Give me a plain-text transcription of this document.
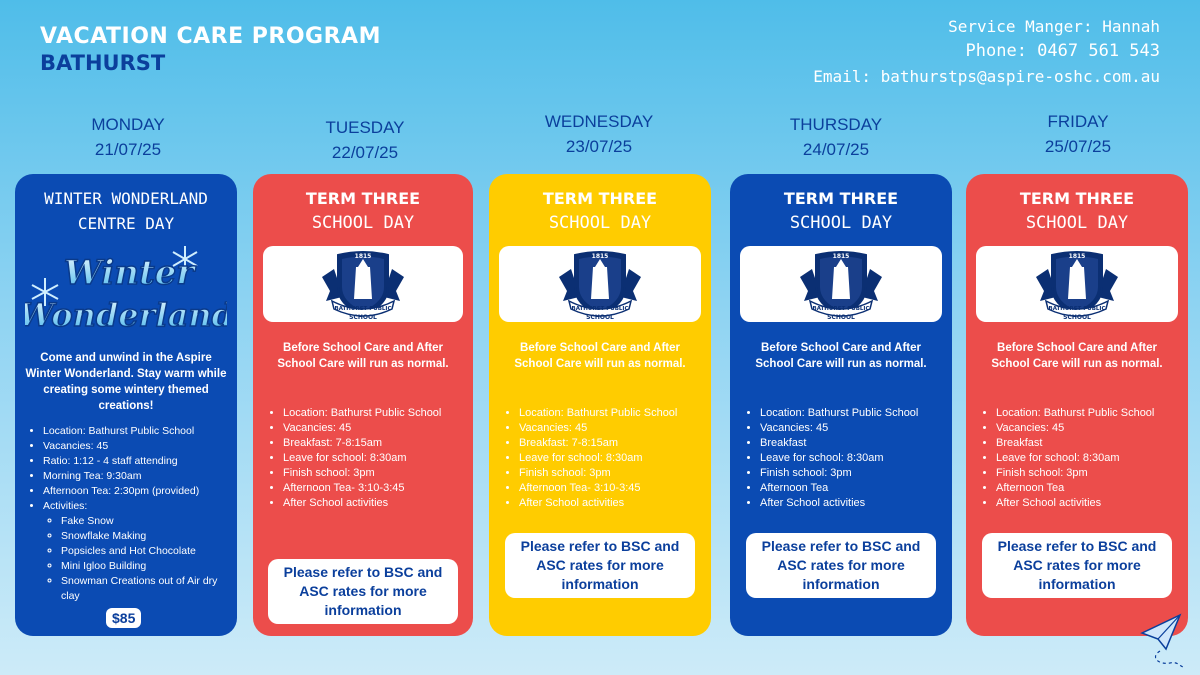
VACATION CARE PROGRAM
BATHURST
Service Manger: Hannah
Phone: 0467 561 543
Email: bathurstps@aspire-oshc.com.au
MONDAY
21/07/25
TUESDAY
22/07/25
WEDNESDAY
23/07/25
THURSDAY
24/07/25
FRIDAY
25/07/25
WINTER WONDERLAND
CENTRE DAY
Winter
Wonderland
Come and unwind in the Aspire Winter Wonderland. Stay warm while creating some wintery themed creations!
• Location: Bathurst Public School
• Vacancies: 45
• Ratio: 1:12 - 4 staff attending
• Morning Tea: 9:30am
• Afternoon Tea: 2:30pm (provided)
• Activities:
◦ Fake Snow
◦ Snowflake Making
◦ Popsicles and Hot Chocolate
◦ Mini Igloo Building
◦ Snowman Creations out of Air dry clay
$85
TERM THREE
SCHOOL DAY
1815
BATHURST PUBLIC
SCHOOL
Before School Care and After School Care will run as normal.
• Location: Bathurst Public School
• Vacancies: 45
• Breakfast: 7-8:15am
• Leave for school: 8:30am
• Finish school: 3pm
• Afternoon Tea- 3:10-3:45
• After School activities
Please refer to BSC and ASC rates for more information
TERM THREE
SCHOOL DAY
1815
BATHURST PUBLIC
SCHOOL
Before School Care and After School Care will run as normal.
• Location: Bathurst Public School
• Vacancies: 45
• Breakfast: 7-8:15am
• Leave for school: 8:30am
• Finish school: 3pm
• Afternoon Tea- 3:10-3:45
• After School activities
Please refer to BSC and ASC rates for more information
TERM THREE
SCHOOL DAY
1815
BATHURST PUBLIC
SCHOOL
Before School Care and After School Care will run as normal.
• Location: Bathurst Public School
• Vacancies: 45
• Breakfast
• Leave for school: 8:30am
• Finish school: 3pm
• Afternoon Tea
• After School activities
Please refer to BSC and ASC rates for more information
TERM THREE
SCHOOL DAY
1815
BATHURST PUBLIC
SCHOOL
Before School Care and After School Care will run as normal.
• Location: Bathurst Public School
• Vacancies: 45
• Breakfast
• Leave for school: 8:30am
• Finish school: 3pm
• Afternoon Tea
• After School activities
Please refer to BSC and ASC rates for more information
